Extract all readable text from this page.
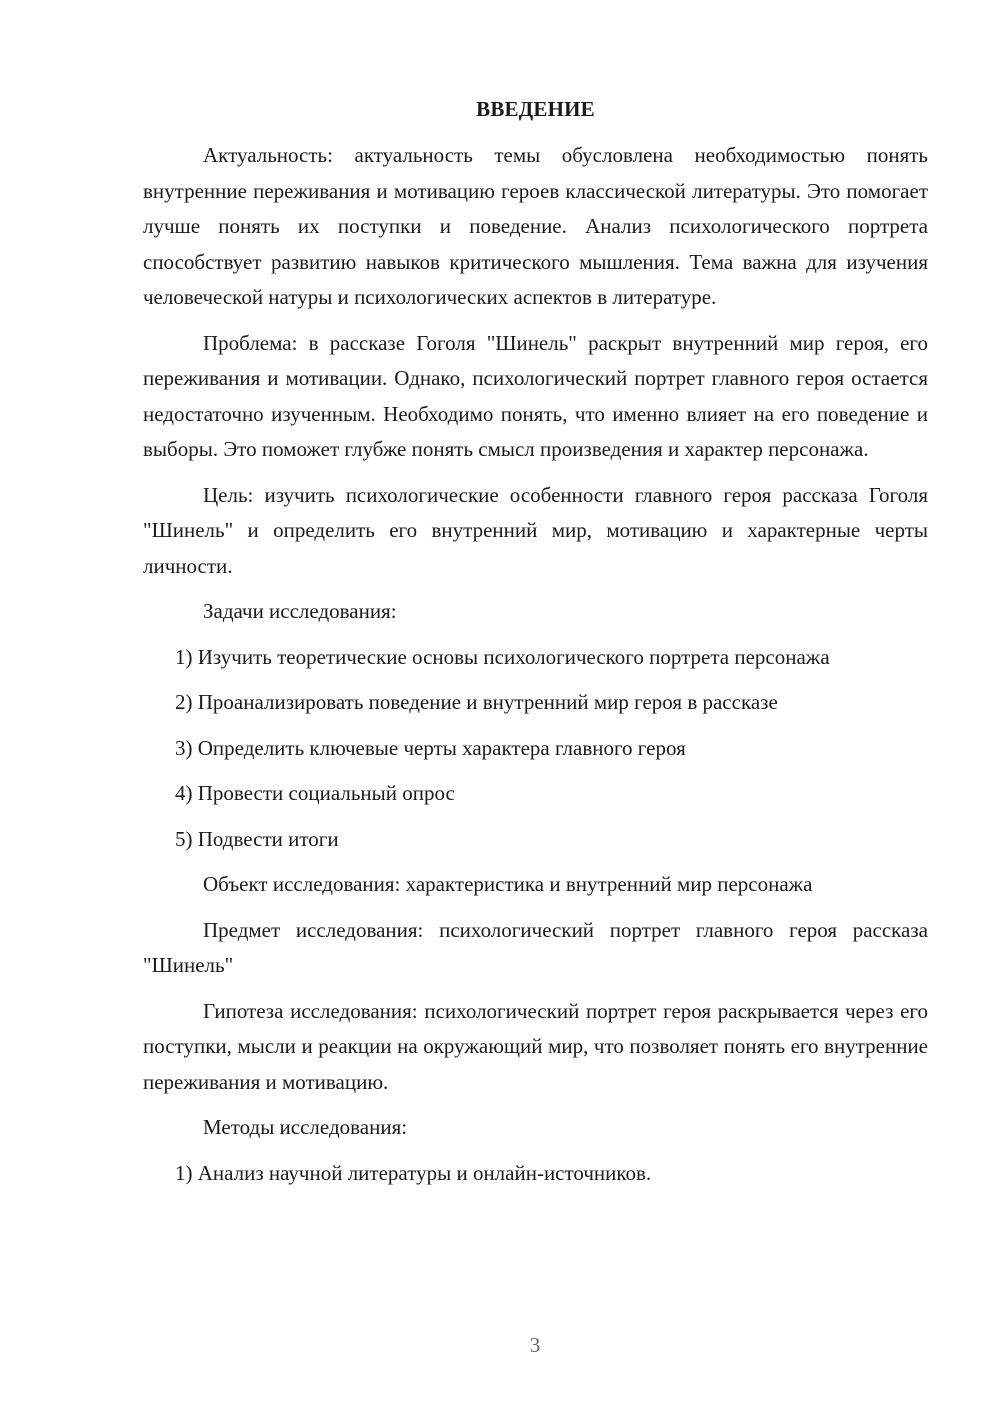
ВВЕДЕНИЕ

Актуальность: актуальность темы обусловлена необходимостью понять внутренние переживания и мотивацию героев классической литературы. Это помогает лучше понять их поступки и поведение. Анализ психологического портрета способствует развитию навыков критического мышления. Тема важна для изучения человеческой натуры и психологических аспектов в литературе.

Проблема: в рассказе Гоголя "Шинель" раскрыт внутренний мир героя, его переживания и мотивации. Однако, психологический портрет главного героя остается недостаточно изученным. Необходимо понять, что именно влияет на его поведение и выборы. Это поможет глубже понять смысл произведения и характер персонажа.

Цель: изучить психологические особенности главного героя рассказа Гоголя "Шинель" и определить его внутренний мир, мотивацию и характерные черты личности.

Задачи исследования:

1) Изучить теоретические основы психологического портрета персонажа

2) Проанализировать поведение и внутренний мир героя в рассказе

3) Определить ключевые черты характера главного героя

4) Провести социальный опрос

5) Подвести итоги

Объект исследования: характеристика и внутренний мир персонажа

Предмет исследования: психологический портрет главного героя рассказа "Шинель"

Гипотеза исследования: психологический портрет героя раскрывается через его поступки, мысли и реакции на окружающий мир, что позволяет понять его внутренние переживания и мотивацию.

Методы исследования:

1) Анализ научной литературы и онлайн-источников.

3
